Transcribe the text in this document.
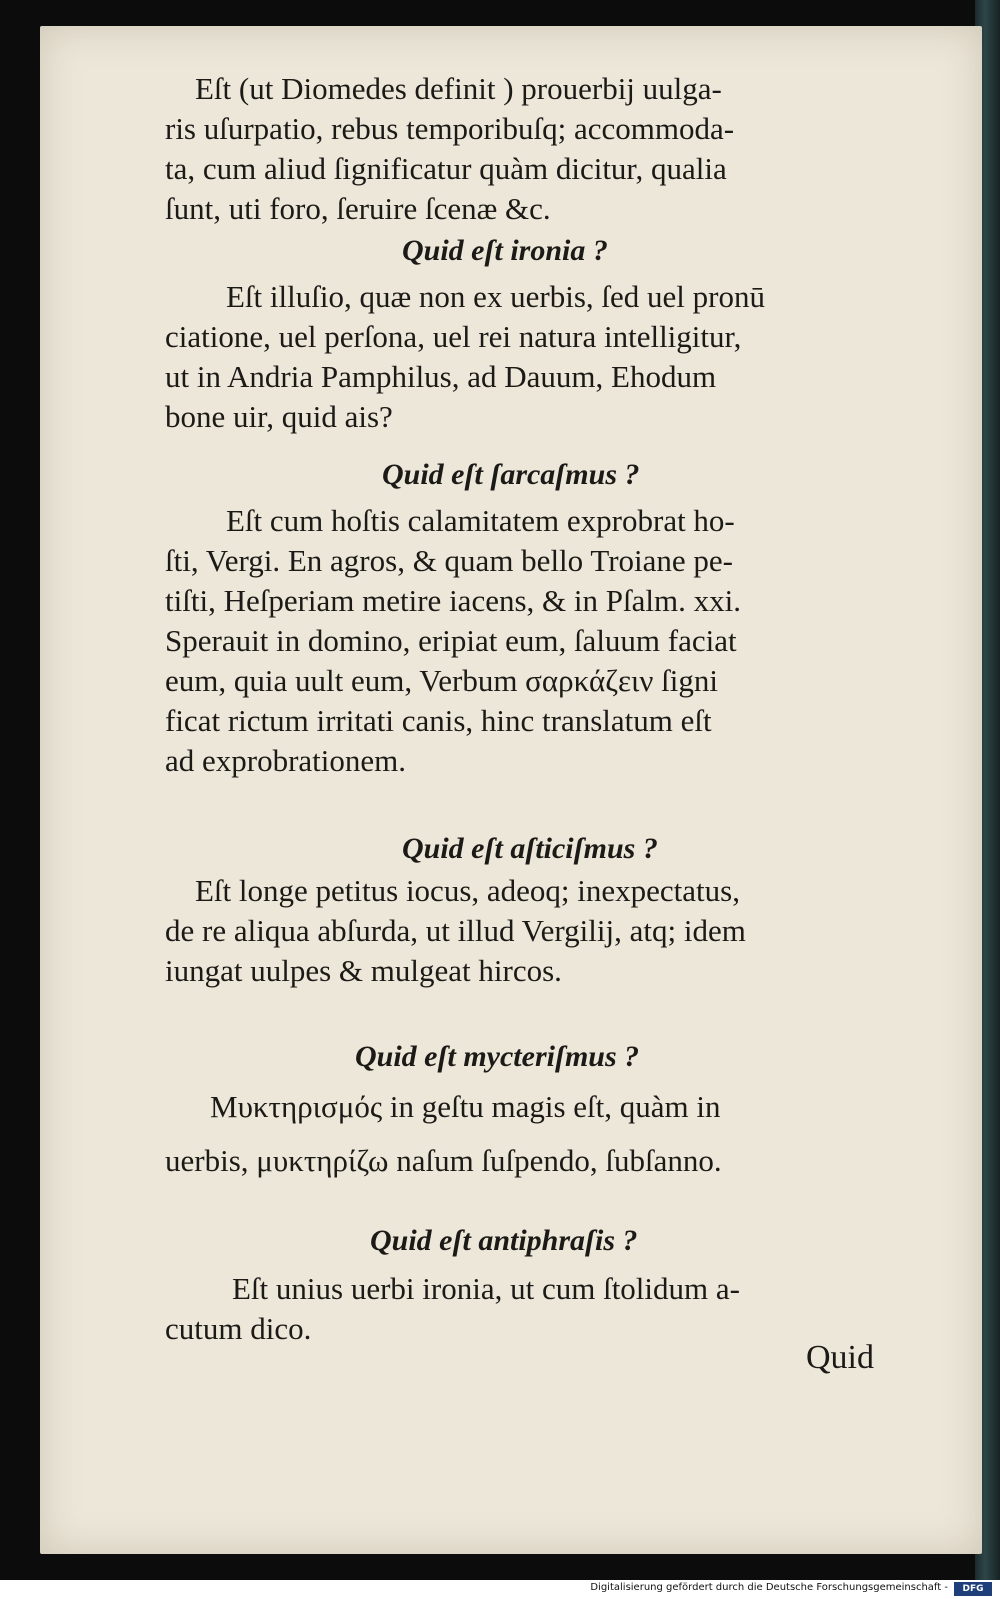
Eſt (ut Diomedes definit ) prouerbij uulga-

ris uſurpatio, rebus temporibuſq; accommoda-

ta, cum aliud ſignificatur quàm dicitur, qualia

ſunt, uti foro, ſeruire ſcenæ &c.

Quid eſt ironia ?

Eſt illuſio, quæ non ex uerbis, ſed uel pronū

ciatione, uel perſona, uel rei natura intelligitur,

ut in Andria Pamphilus, ad Dauum, Ehodum

bone uir, quid ais?

Quid eſt ſarcaſmus ?

Eſt cum hoſtis calamitatem exprobrat ho-

ſti, Vergi. En agros, & quam bello Troiane pe-

tiſti, Heſperiam metire iacens, & in Pſalm. xxi.

Sperauit in domino, eripiat eum, ſaluum faciat

eum, quia uult eum, Verbum σαρκάζειν ſigni

ficat rictum irritati canis, hinc translatum eſt

ad exprobrationem.

Quid eſt aſticiſmus ?

Eſt longe petitus iocus, adeoq; inexpectatus,

de re aliqua abſurda, ut illud Vergilij, atq; idem

iungat uulpes & mulgeat hircos.

Quid eſt mycteriſmus ?

Μυκτηρισμός in geſtu magis eſt, quàm in

uerbis, μυκτηρίζω naſum ſuſpendo, ſubſanno.

Quid eſt antiphraſis ?

Eſt unius uerbi ironia, ut cum ſtolidum a-

cutum dico.

Quid

Digitalisierung gefördert durch die Deutsche Forschungsgemeinschaft -	DFG
